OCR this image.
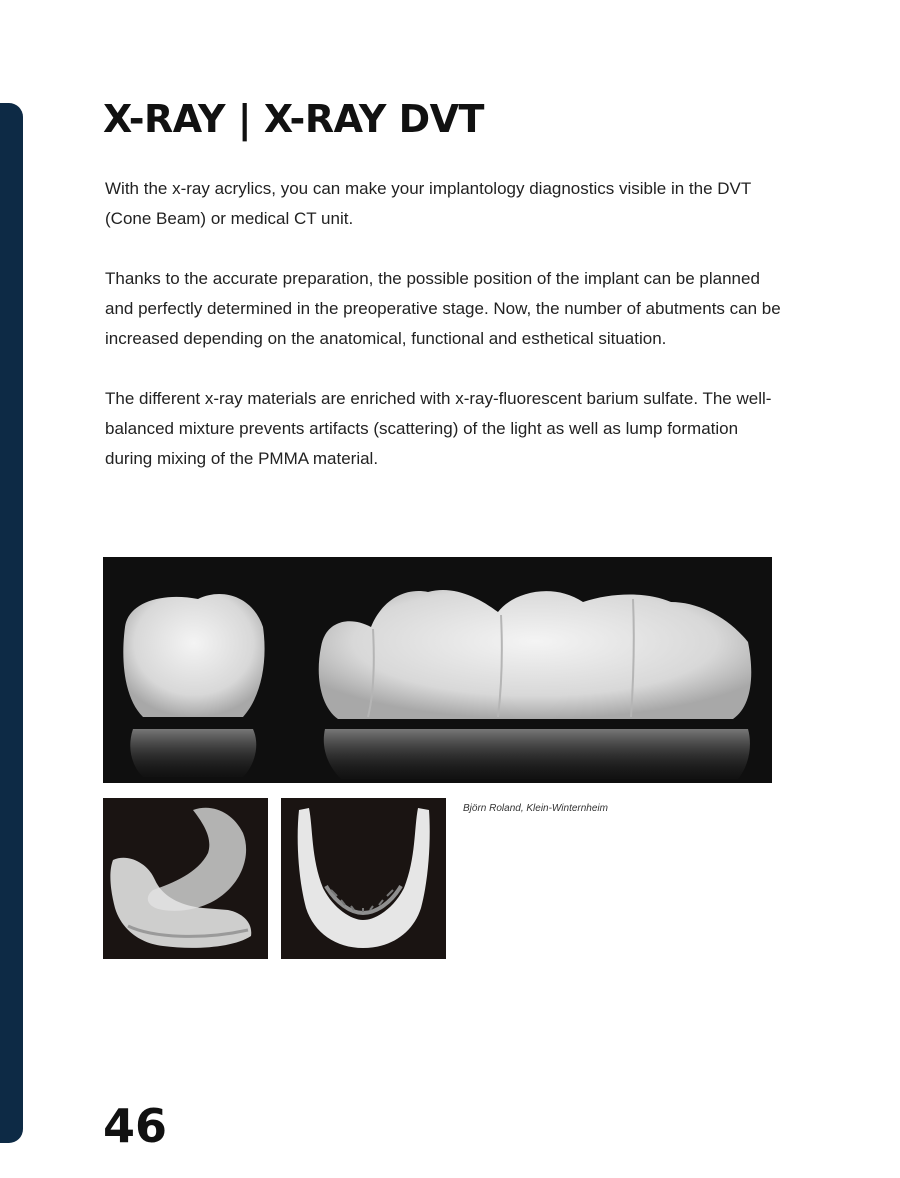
X-RAY | X-RAY DVT

With the x-ray acrylics, you can make your implantology diagnostics visible in the DVT (Cone Beam) or medical CT unit.

Thanks to the accurate preparation, the possible position of the implant can be planned and perfectly determined in the preoperative stage. Now, the number of abutments can be increased depending on the anatomical, functional and esthetical situation.

The different x-ray materials are enriched with x-ray-fluorescent barium sulfate. The well-balanced mixture prevents artifacts (scattering) of the light as well as lump formation during mixing of the PMMA material.

Björn Roland, Klein-Winternheim
46
